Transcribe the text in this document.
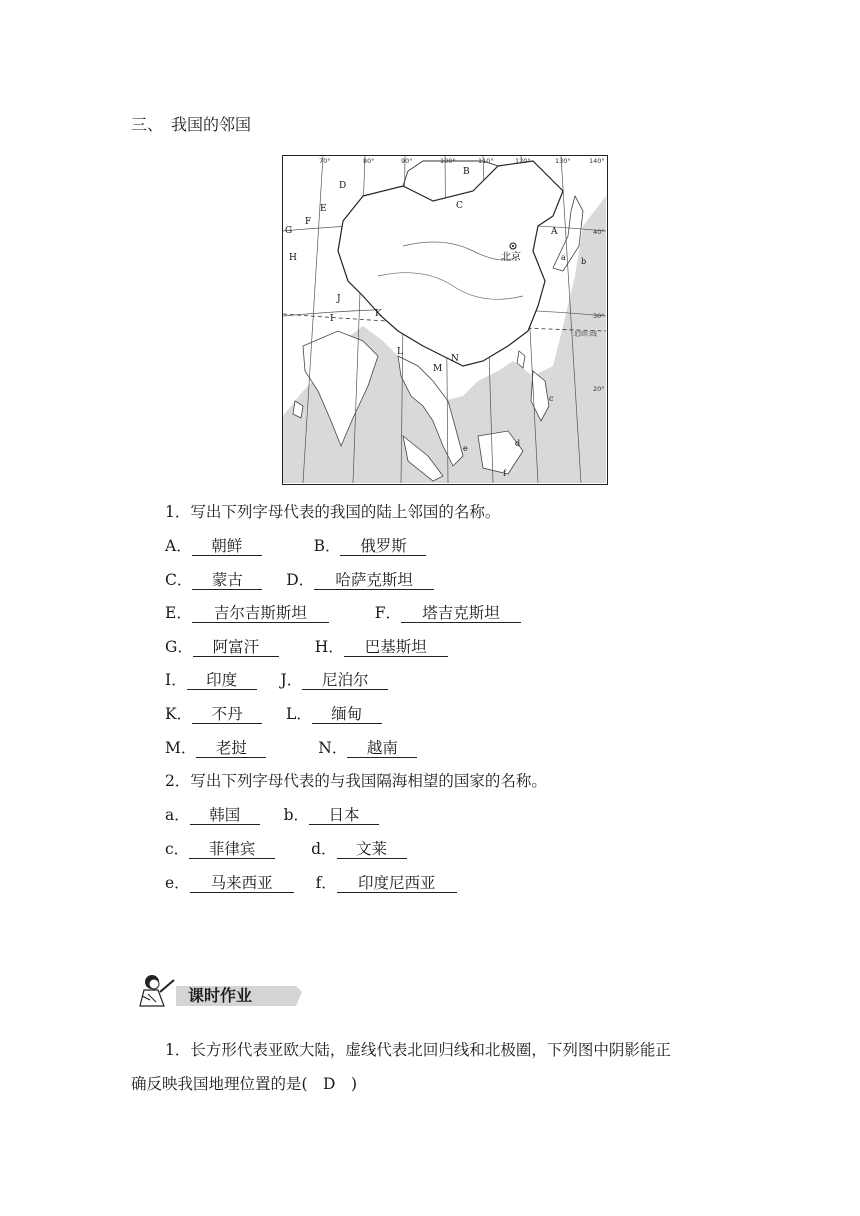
三、　我国的邻国
北京
70°	80°	90°	100°	110°	120°	130°	140°
40°
30°
20°
北回归线
A
B
C
D
E
F
G
H
I
J
K
L
M
N
a b
c
d
e
f
1．写出下列字母代表的我国的陆上邻国的名称。
A． 朝鲜	B． 俄罗斯
C． 蒙古	D． 哈萨克斯坦
E． 吉尔吉斯斯坦	F． 塔吉克斯坦
G． 阿富汗	H． 巴基斯坦
I． 印度	J． 尼泊尔
K． 不丹	L． 缅甸
M． 老挝	N． 越南
2．写出下列字母代表的与我国隔海相望的国家的名称。
a． 韩国	b． 日本
c． 菲律宾	d． 文莱
e． 马来西亚	f． 印度尼西亚
课时作业
1．长方形代表亚欧大陆，虚线代表北回归线和北极圈，下列图中阴影能正
确反映我国地理位置的是(　D　)
